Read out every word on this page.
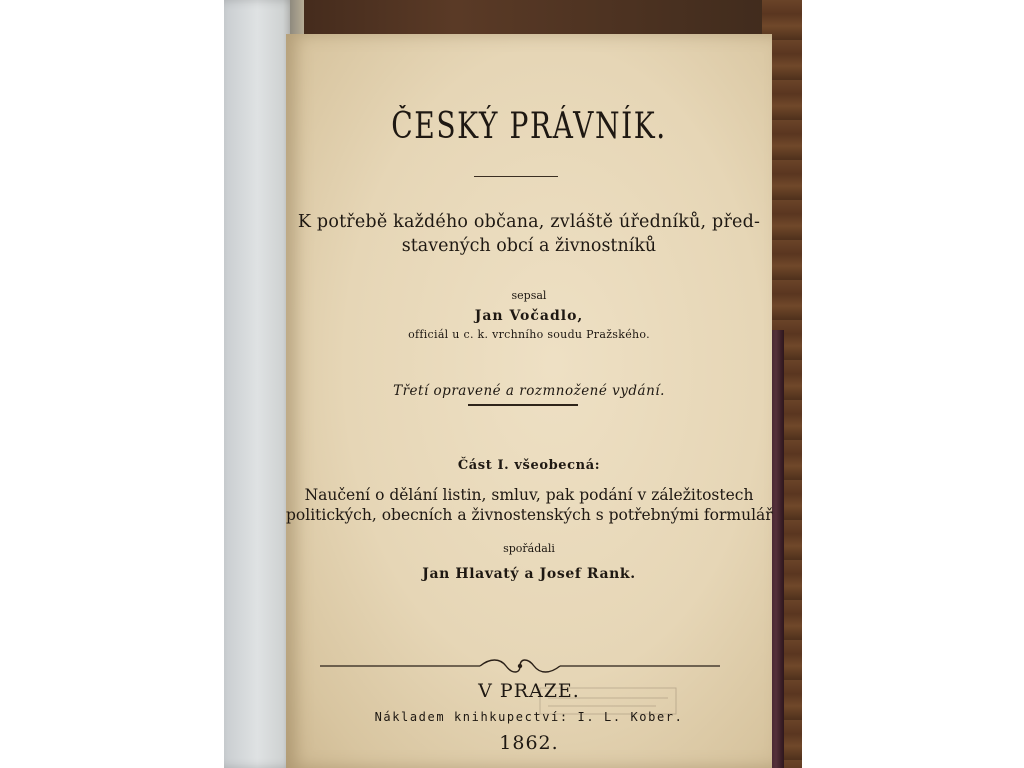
ČESKÝ PRÁVNÍK.
K potřebě každého občana, zvláště úředníků, před-
stavených obcí a živnostníků
sepsal
Jan Vočadlo,
officiál u c. k. vrchního soudu Pražského.
Třetí opravené a rozmnožené vydání.
Část I. všeobecná:
Naučení o dělání listin, smluv, pak podání v záležitostech
politických, obecních a živnostenských s potřebnými formulář
spořádali
Jan Hlavatý a Josef Rank.
V PRAZE.
Nákladem knihkupectví: I. L. Kober.
1862.
